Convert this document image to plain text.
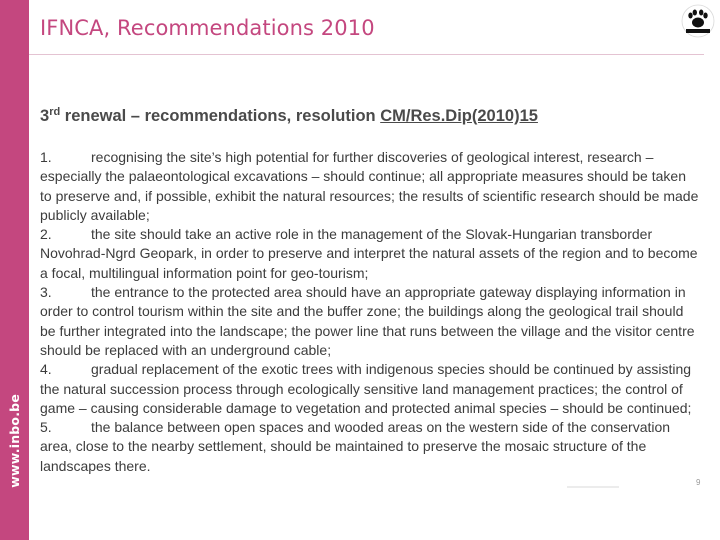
www.inbo.be
IFNCA, Recommendations 2010

3rd renewal – recommendations, resolution CM/Res.Dip(2010)15

1.	recognising the site’s high potential for further discoveries of geological interest, research – especially the palaeontological excavations – should continue; all appropriate measures should be taken to preserve and, if possible, exhibit the natural resources; the results of scientific research should be made publicly available;

2.	the site should take an active role in the management of the Slovak-Hungarian transborder Novohrad-Ngrd Geopark, in order to preserve and interpret the natural assets of the region and to become a focal, multilingual information point for geo-tourism;

3.	the entrance to the protected area should have an appropriate gateway displaying information in order to control tourism within the site and the buffer zone; the buildings along the geological trail should be further integrated into the landscape; the power line that runs between the village and the visitor centre should be replaced with an underground cable;

4.	gradual replacement of the exotic trees with indigenous species should be continued by assisting the natural succession process through ecologically sensitive land management practices; the control of game – causing considerable damage to vegetation and protected animal species – should be continued;

5.	the balance between open spaces and wooded areas on the western side of the conservation area, close to the nearby settlement, should be maintained to preserve the mosaic structure of the landscapes there.

9
